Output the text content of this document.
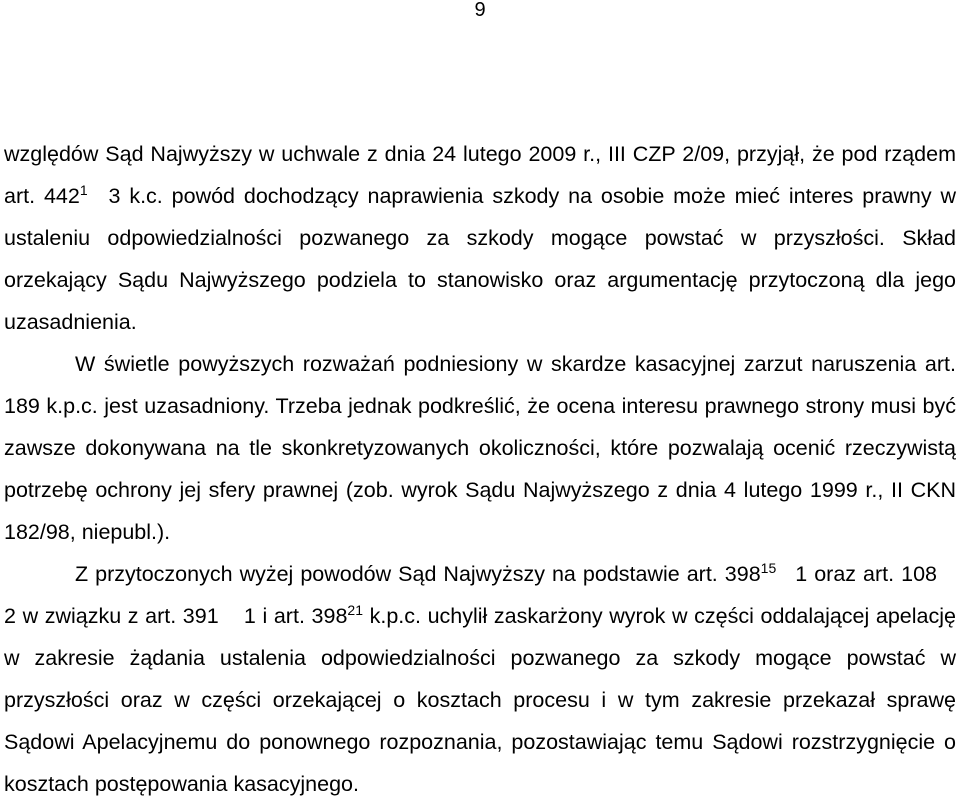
9

względów Sąd Najwyższy w uchwale z dnia 24 lutego 2009 r., III CZP 2/09, przyjął, że pod rządem art. $442^1$ 3 k.c. powód dochodzący naprawienia szkody na osobie może mieć interes prawny w ustaleniu odpowiedzialności pozwanego za szkody mogące powstać w przyszłości. Skład orzekający Sądu Najwyższego podziela to stanowisko oraz argumentację przytoczoną dla jego uzasadnienia.

W świetle powyższych rozważań podniesiony w skardze kasacyjnej zarzut naruszenia art. 189 k.p.c. jest uzasadniony. Trzeba jednak podkreślić, że ocena interesu prawnego strony musi być zawsze dokonywana na tle skonkretyzowanych okoliczności, które pozwalają ocenić rzeczywistą potrzebę ochrony jej sfery prawnej (zob. wyrok Sądu Najwyższego z dnia 4 lutego 1999 r., II CKN 182/98, niepubl.).

Z przytoczonych wyżej powodów Sąd Najwyższy na podstawie art. $398^{15}$ 1 oraz art. 108  2 w związku z art. 391  1 i art. $398^{21}$ k.p.c. uchylił zaskarżony wyrok w części oddalającej apelację w zakresie żądania ustalenia odpowiedzialności pozwanego za szkody mogące powstać w przyszłości oraz w części orzekającej o kosztach procesu i w tym zakresie przekazał sprawę Sądowi Apelacyjnemu do ponownego rozpoznania, pozostawiając temu Sądowi rozstrzygnięcie o kosztach postępowania kasacyjnego.
